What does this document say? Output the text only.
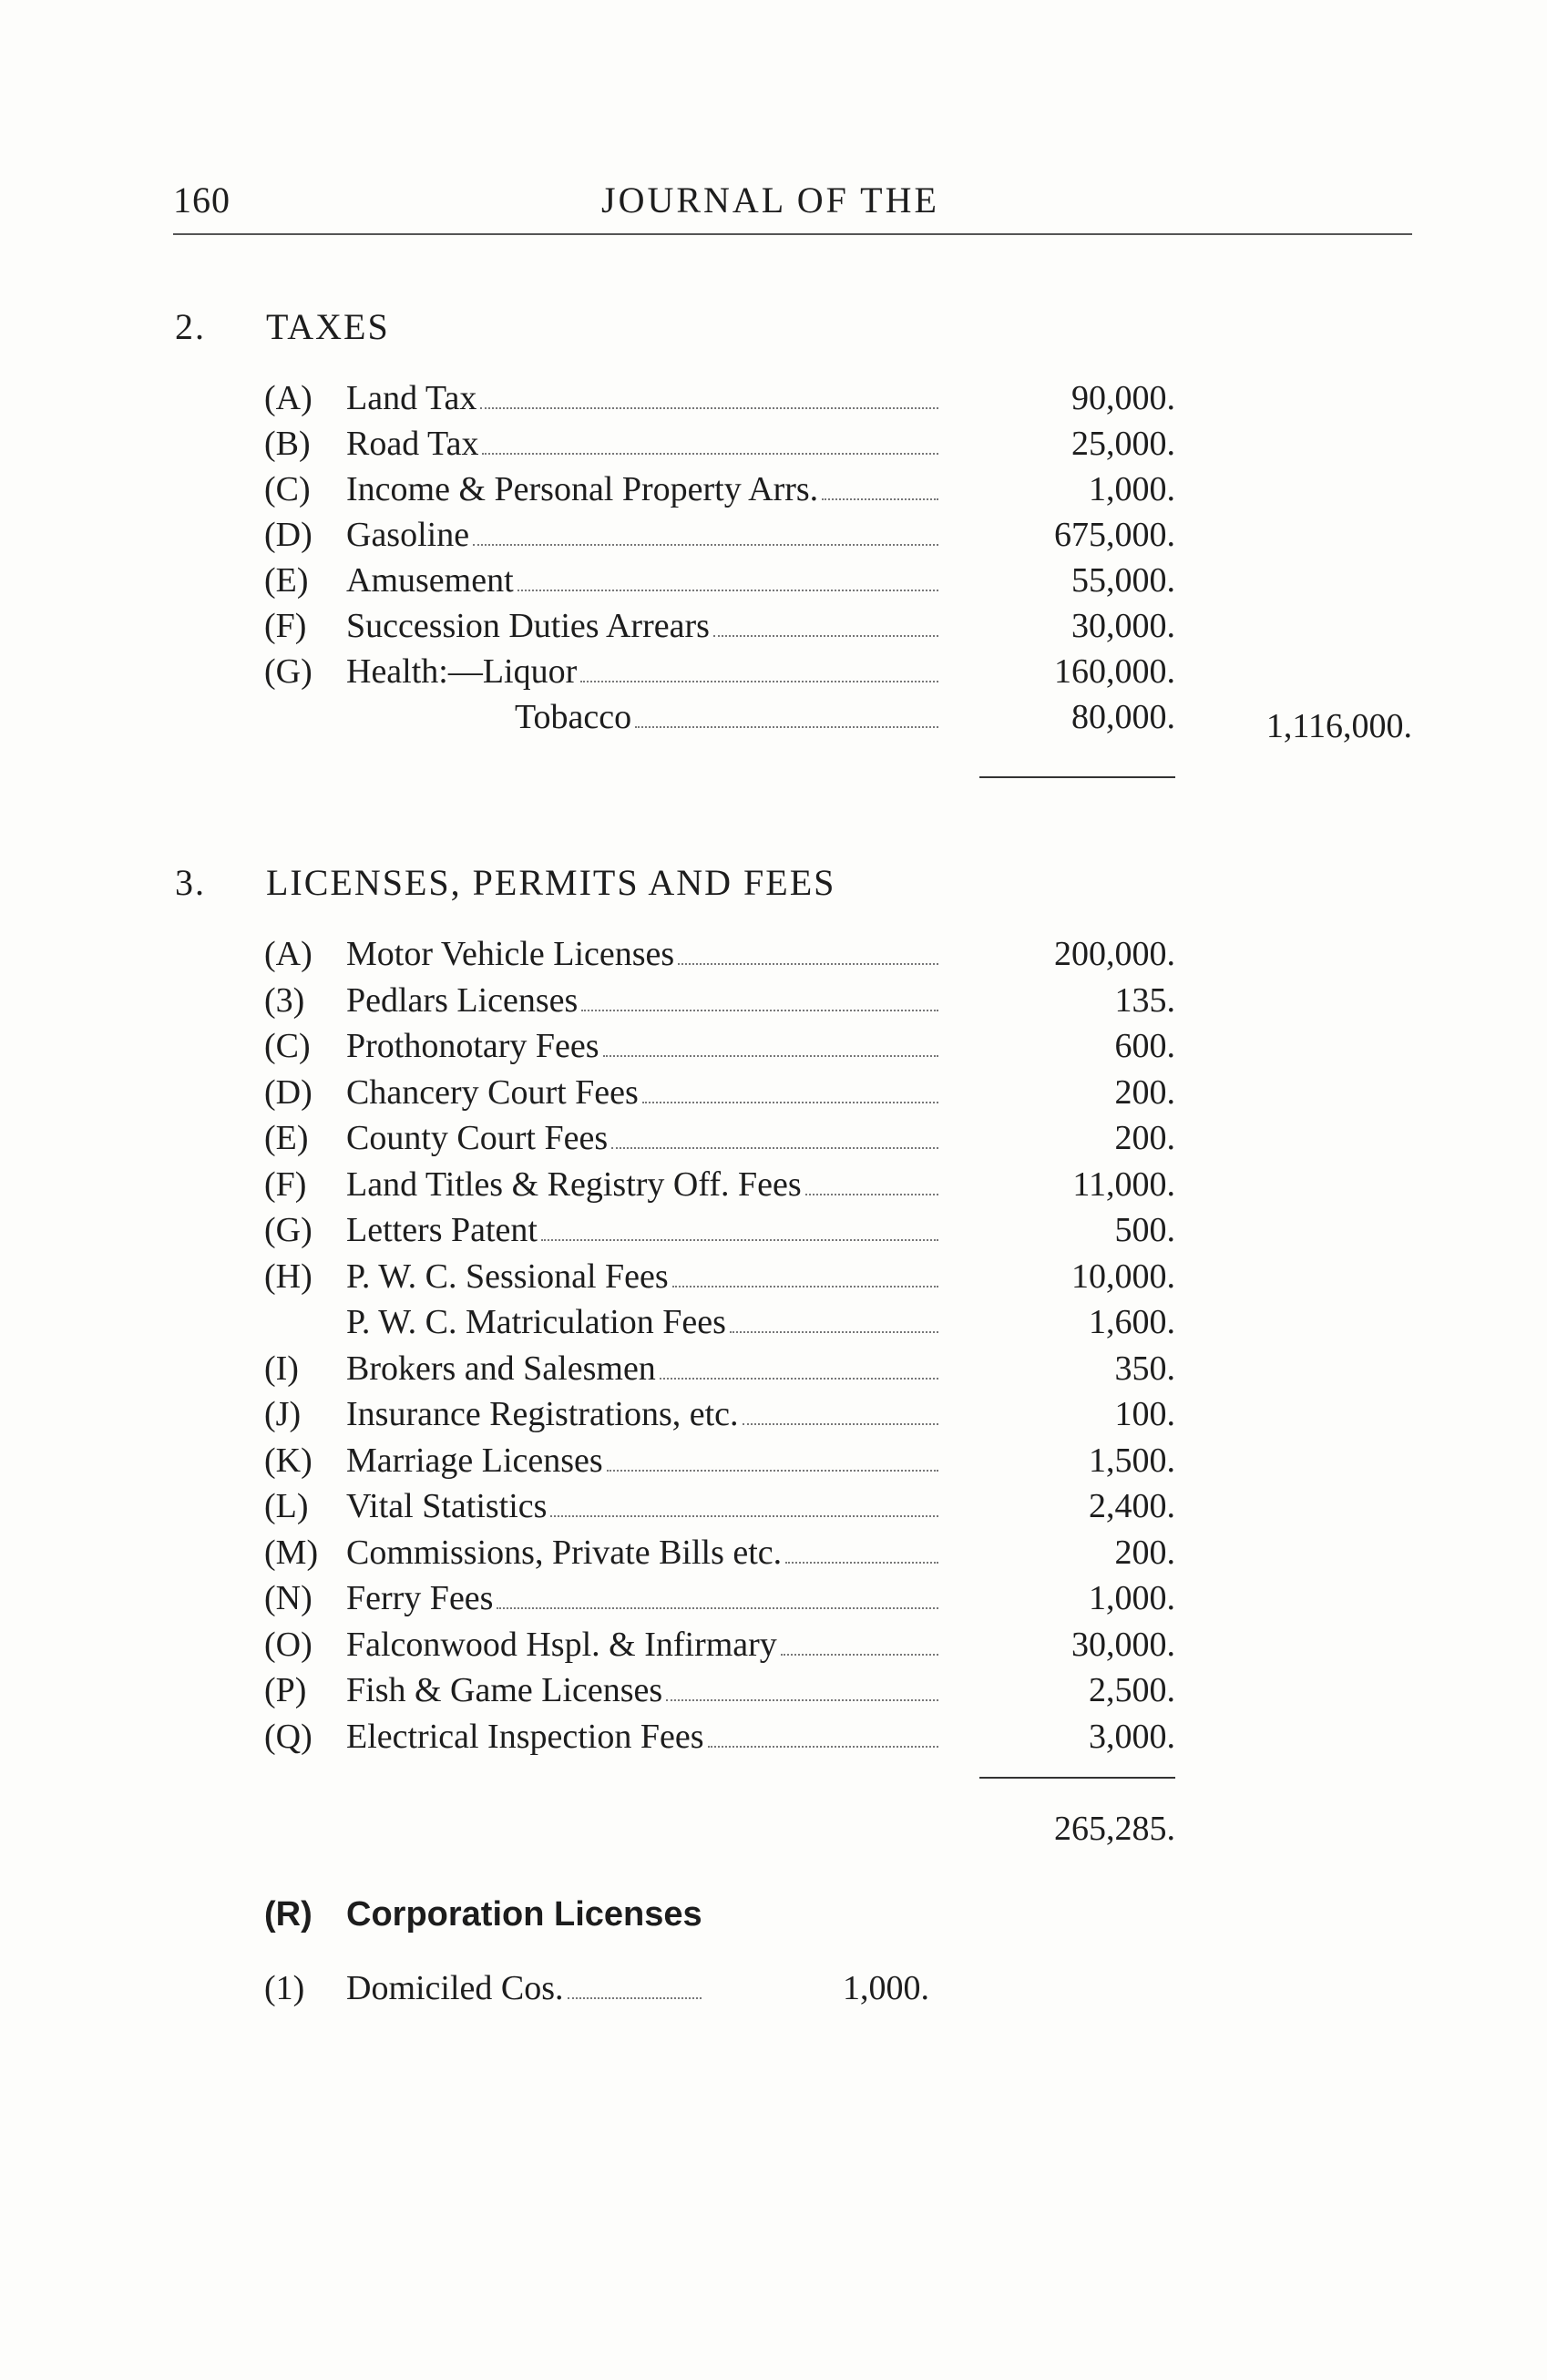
160	JOURNAL OF THE
2. TAXES
(A) Land Tax	90,000.
(B)	Road Tax	25,000.
(C)	Income & Personal Property Arrs.	1,000.
(D) Gasoline	675,000.
(E)	Amusement	55,000.
(F)	Succession Duties Arrears	30,000.
(G) Health:—Liquor	160,000.
Tobacco	80,000.	1,116,000.
3. LICENSES, PERMITS AND FEES
(A) Motor Vehicle Licenses	200,000.
(3)	Pedlars Licenses	135.
(C)	Prothonotary Fees	600.
(D) Chancery Court Fees	200.
(E)	County Court Fees	200.
(F)	Land Titles & Registry Off. Fees	11,000.
(G) Letters Patent	500.
(H) P. W. C. Sessional Fees	10,000.
P. W. C. Matriculation Fees	1,600.
(I)	Brokers and Salesmen	350.
(J)	Insurance Registrations, etc.	100.
(K) Marriage Licenses	1,500.
(L)	Vital Statistics	2,400.
(M) Commissions, Private Bills etc.	200.
(N) Ferry Fees	1,000.
(O) Falconwood Hspl. & Infirmary	30,000.
(P)	Fish & Game Licenses	2,500.
(Q) Electrical Inspection Fees	3,000.
265,285.
(R) Corporation Licenses
(1)	Domiciled Cos.	1,000.
